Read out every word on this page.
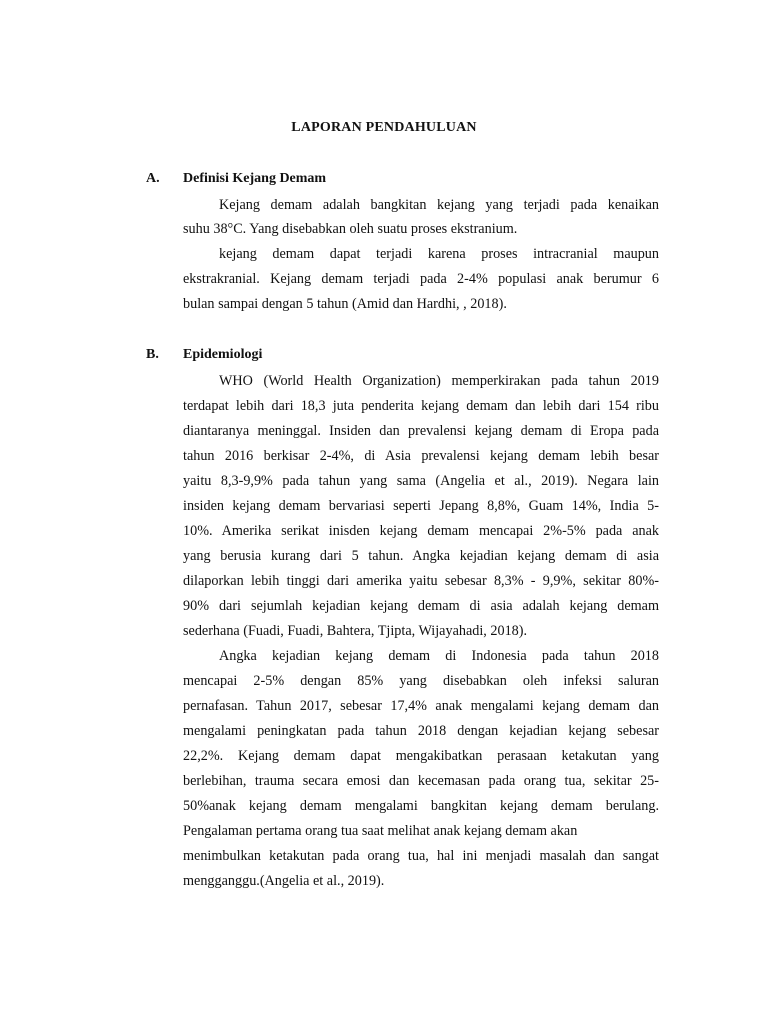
LAPORAN PENDAHULUAN
A. Definisi Kejang Demam
Kejang demam adalah bangkitan kejang yang terjadi pada kenaikan
suhu 38°C. Yang disebabkan oleh suatu proses ekstranium.
kejang demam dapat terjadi karena proses intracranial maupun
ekstrakranial. Kejang demam terjadi pada 2-4% populasi anak berumur 6
bulan sampai dengan 5 tahun (Amid dan Hardhi, , 2018).
B. Epidemiologi
WHO (World Health Organization) memperkirakan pada tahun 2019
terdapat lebih dari 18,3 juta penderita kejang demam dan lebih dari 154 ribu
diantaranya meninggal. Insiden dan prevalensi kejang demam di Eropa pada
tahun 2016 berkisar 2-4%, di Asia prevalensi kejang demam lebih besar
yaitu 8,3-9,9% pada tahun yang sama (Angelia et al., 2019). Negara lain
insiden kejang demam bervariasi seperti Jepang 8,8%, Guam 14%, India 5-
10%. Amerika serikat inisden kejang demam mencapai 2%-5% pada anak
yang berusia kurang dari 5 tahun. Angka kejadian kejang demam di asia
dilaporkan lebih tinggi dari amerika yaitu sebesar 8,3% - 9,9%, sekitar 80%-
90% dari sejumlah kejadian kejang demam di asia adalah kejang demam
sederhana (Fuadi, Fuadi, Bahtera, Tjipta, Wijayahadi, 2018).
Angka kejadian kejang demam di Indonesia pada tahun 2018
mencapai 2-5% dengan 85% yang disebabkan oleh infeksi saluran
pernafasan. Tahun 2017, sebesar 17,4% anak mengalami kejang demam dan
mengalami peningkatan pada tahun 2018 dengan kejadian kejang sebesar
22,2%. Kejang demam dapat mengakibatkan perasaan ketakutan yang
berlebihan, trauma secara emosi dan kecemasan pada orang tua, sekitar 25-
50%anak kejang demam mengalami bangkitan kejang demam berulang.
Pengalaman pertama orang tua saat melihat anak kejang demam akan
menimbulkan ketakutan pada orang tua, hal ini menjadi masalah dan sangat
mengganggu.(Angelia et al., 2019).
